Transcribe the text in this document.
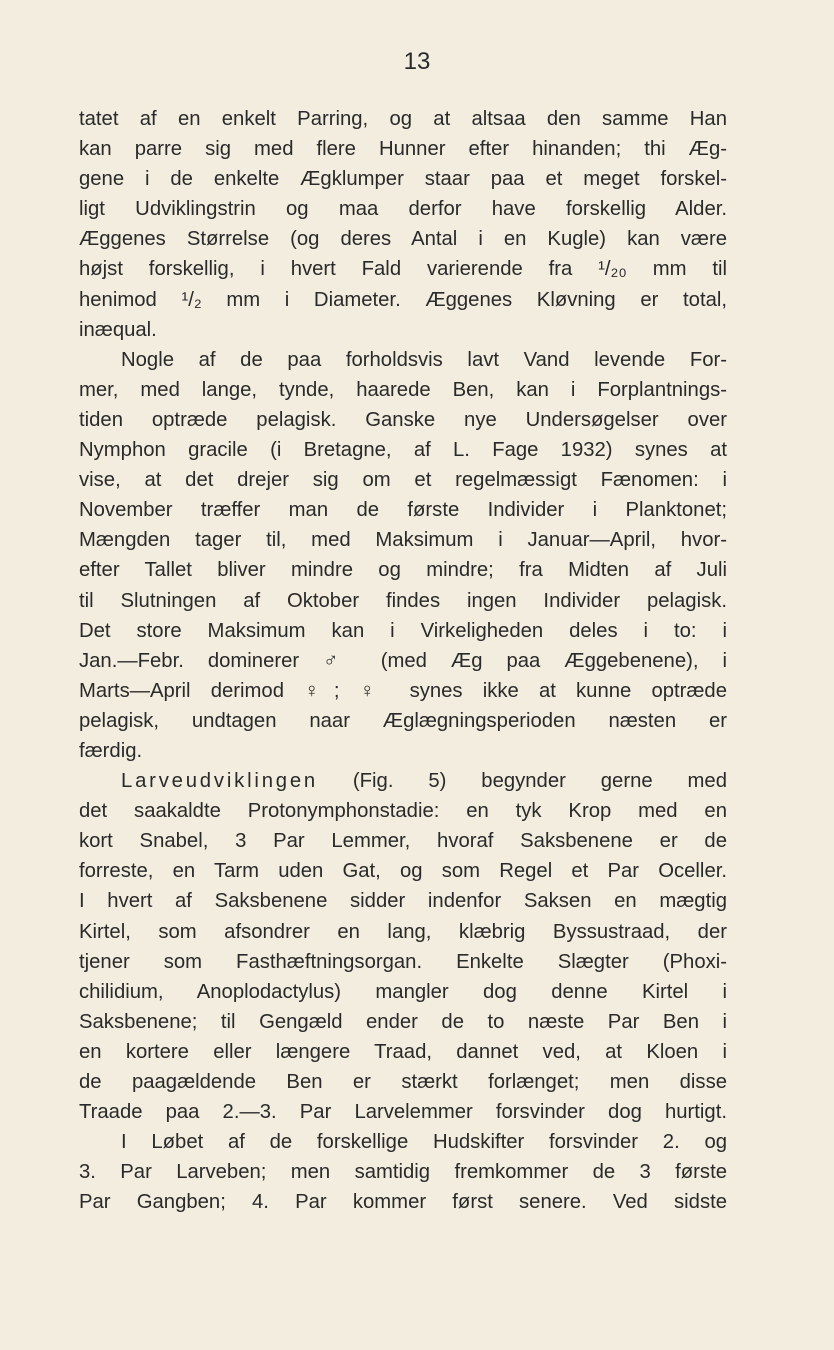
13
tatet af en enkelt Parring, og at altsaa den samme Han
kan parre sig med flere Hunner efter hinanden; thi Æg-
gene i de enkelte Ægklumper staar paa et meget forskel-
ligt Udviklingstrin og maa derfor have forskellig Alder.
Æggenes Størrelse (og deres Antal i en Kugle) kan være
højst forskellig, i hvert Fald varierende fra ¹/₂₀ mm til
henimod ¹/₂ mm i Diameter. Æggenes Kløvning er total,
inæqual.
Nogle af de paa forholdsvis lavt Vand levende For-
mer, med lange, tynde, haarede Ben, kan i Forplantnings-
tiden optræde pelagisk. Ganske nye Undersøgelser over
Nymphon gracile (i Bretagne, af L. Fage 1932) synes at
vise, at det drejer sig om et regelmæssigt Fænomen: i
November træffer man de første Individer i Planktonet;
Mængden tager til, med Maksimum i Januar—April, hvor-
efter Tallet bliver mindre og mindre; fra Midten af Juli
til Slutningen af Oktober findes ingen Individer pelagisk.
Det store Maksimum kan i Virkeligheden deles i to: i
Jan.—Febr. dominerer ♂ (med Æg paa Æggebenene), i
Marts—April derimod ♀; ♀ synes ikke at kunne optræde
pelagisk, undtagen naar Æglægningsperioden næsten er
færdig.
Larveudviklingen (Fig. 5) begynder gerne med
det saakaldte Protonymphonstadie: en tyk Krop med en
kort Snabel, 3 Par Lemmer, hvoraf Saksbenene er de
forreste, en Tarm uden Gat, og som Regel et Par Oceller.
I hvert af Saksbenene sidder indenfor Saksen en mægtig
Kirtel, som afsondrer en lang, klæbrig Byssustraad, der
tjener som Fasthæftningsorgan. Enkelte Slægter (Phoxi-
chilidium, Anoplodactylus) mangler dog denne Kirtel i
Saksbenene; til Gengæld ender de to næste Par Ben i
en kortere eller længere Traad, dannet ved, at Kloen i
de paagældende Ben er stærkt forlænget; men disse
Traade paa 2.—3. Par Larvelemmer forsvinder dog hurtigt.
I Løbet af de forskellige Hudskifter forsvinder 2. og
3. Par Larveben; men samtidig fremkommer de 3 første
Par Gangben; 4. Par kommer først senere. Ved sidste
